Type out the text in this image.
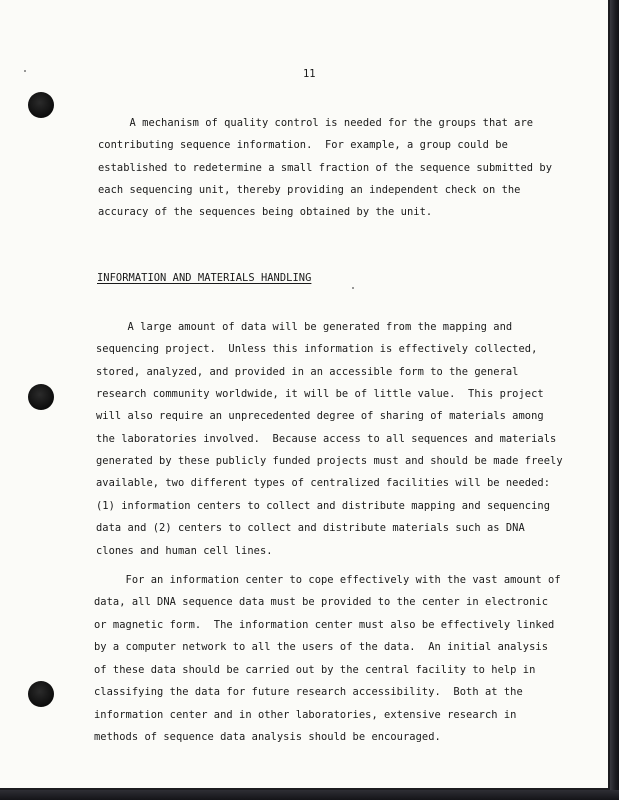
11
A mechanism of quality control is needed for the groups that are
contributing sequence information.  For example, a group could be
established to redetermine a small fraction of the sequence submitted by
each sequencing unit, thereby providing an independent check on the
accuracy of the sequences being obtained by the unit.
INFORMATION AND MATERIALS HANDLING
A large amount of data will be generated from the mapping and
sequencing project.  Unless this information is effectively collected,
stored, analyzed, and provided in an accessible form to the general
research community worldwide, it will be of little value.  This project
will also require an unprecedented degree of sharing of materials among
the laboratories involved.  Because access to all sequences and materials
generated by these publicly funded projects must and should be made freely
available, two different types of centralized facilities will be needed:
(1) information centers to collect and distribute mapping and sequencing
data and (2) centers to collect and distribute materials such as DNA
clones and human cell lines.
For an information center to cope effectively with the vast amount of
data, all DNA sequence data must be provided to the center in electronic
or magnetic form.  The information center must also be effectively linked
by a computer network to all the users of the data.  An initial analysis
of these data should be carried out by the central facility to help in
classifying the data for future research accessibility.  Both at the
information center and in other laboratories, extensive research in
methods of sequence data analysis should be encouraged.
